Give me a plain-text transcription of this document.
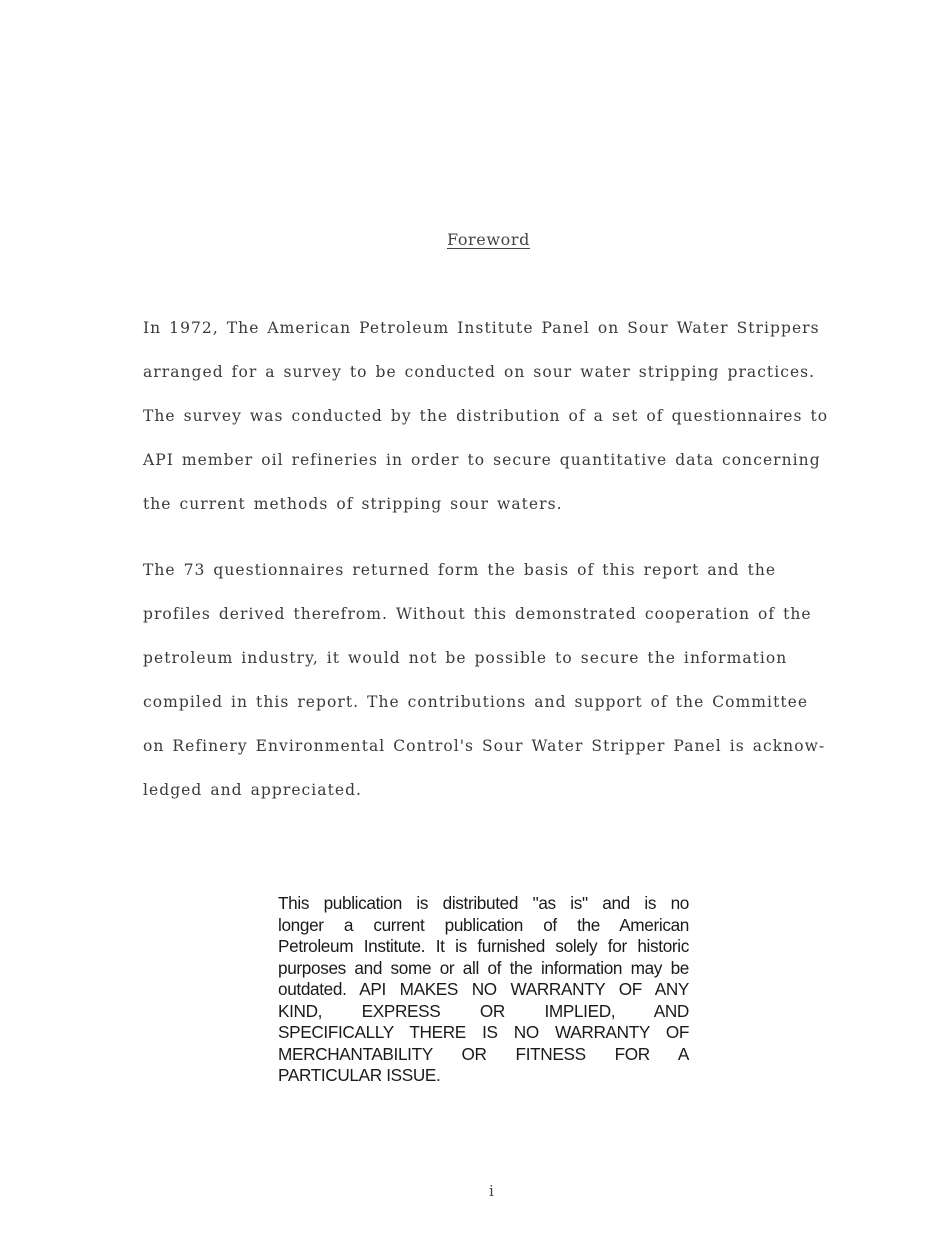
Foreword
In 1972, The American Petroleum Institute Panel on Sour Water Strippers
arranged for a survey to be conducted on sour water stripping practices.
The survey was conducted by the distribution of a set of questionnaires to
API member oil refineries in order to secure quantitative data concerning
the current methods of stripping sour waters.
The 73 questionnaires returned form the basis of this report and the
profiles derived therefrom. Without this demonstrated cooperation of the
petroleum industry, it would not be possible to secure the information
compiled in this report. The contributions and support of the Committee
on Refinery Environmental Control's Sour Water Stripper Panel is acknow-
ledged and appreciated.
This publication is distributed "as is" and is no
longer a current publication of the American
Petroleum Institute. It is furnished solely for historic
purposes and some or all of the information may be
outdated. API MAKES NO WARRANTY OF ANY
KIND, EXPRESS OR IMPLIED, AND
SPECIFICALLY THERE IS NO WARRANTY OF
MERCHANTABILITY OR FITNESS FOR A
PARTICULAR ISSUE.
i
